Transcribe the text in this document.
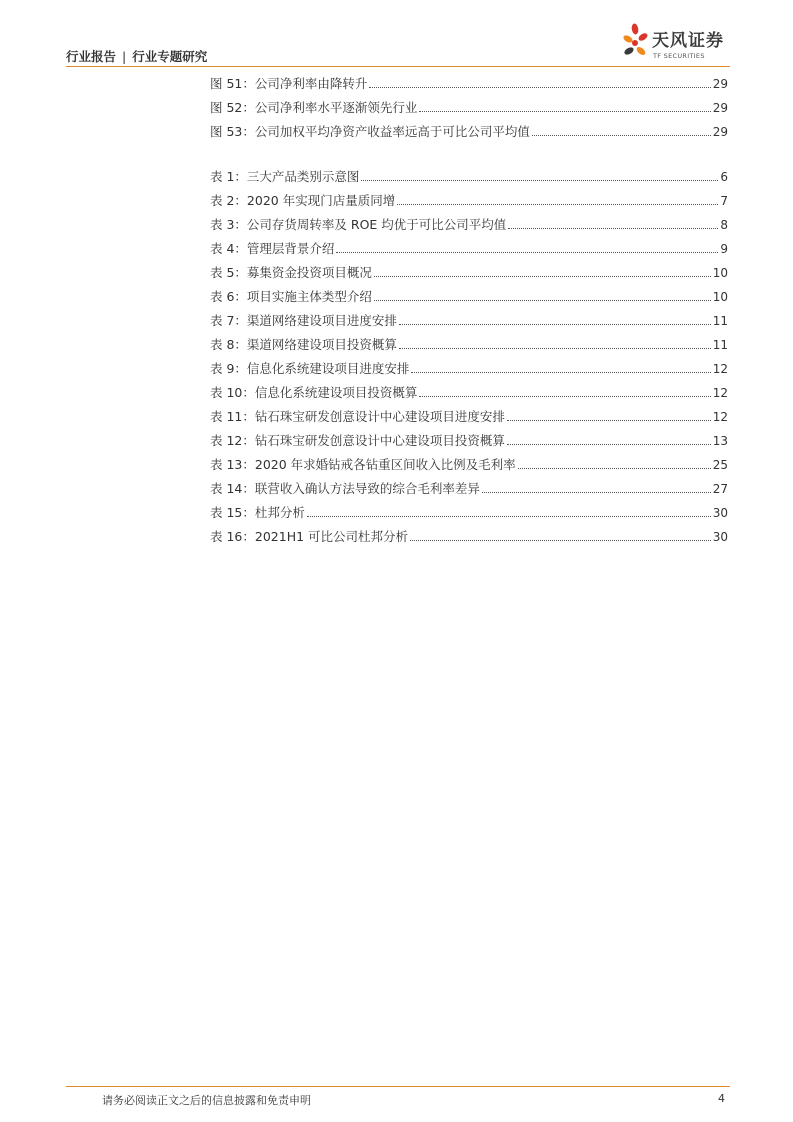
行业报告 | 行业专题研究
天风证券
TF SECURITIES
图 51：公司净利率由降转升	29
图 52：公司净利率水平逐渐领先行业	29
图 53：公司加权平均净资产收益率远高于可比公司平均值	29
表 1：三大产品类别示意图	6
表 2：2020 年实现门店量质同增	7
表 3：公司存货周转率及 ROE 均优于可比公司平均值	8
表 4：管理层背景介绍	9
表 5：募集资金投资项目概况	10
表 6：项目实施主体类型介绍	10
表 7：渠道网络建设项目进度安排	11
表 8：渠道网络建设项目投资概算	11
表 9：信息化系统建设项目进度安排	12
表 10：信息化系统建设项目投资概算	12
表 11：钻石珠宝研发创意设计中心建设项目进度安排	12
表 12：钻石珠宝研发创意设计中心建设项目投资概算	13
表 13：2020 年求婚钻戒各钻重区间收入比例及毛利率	25
表 14：联营收入确认方法导致的综合毛利率差异	27
表 15：杜邦分析	30
表 16：2021H1 可比公司杜邦分析	30
请务必阅读正文之后的信息披露和免责申明	4
